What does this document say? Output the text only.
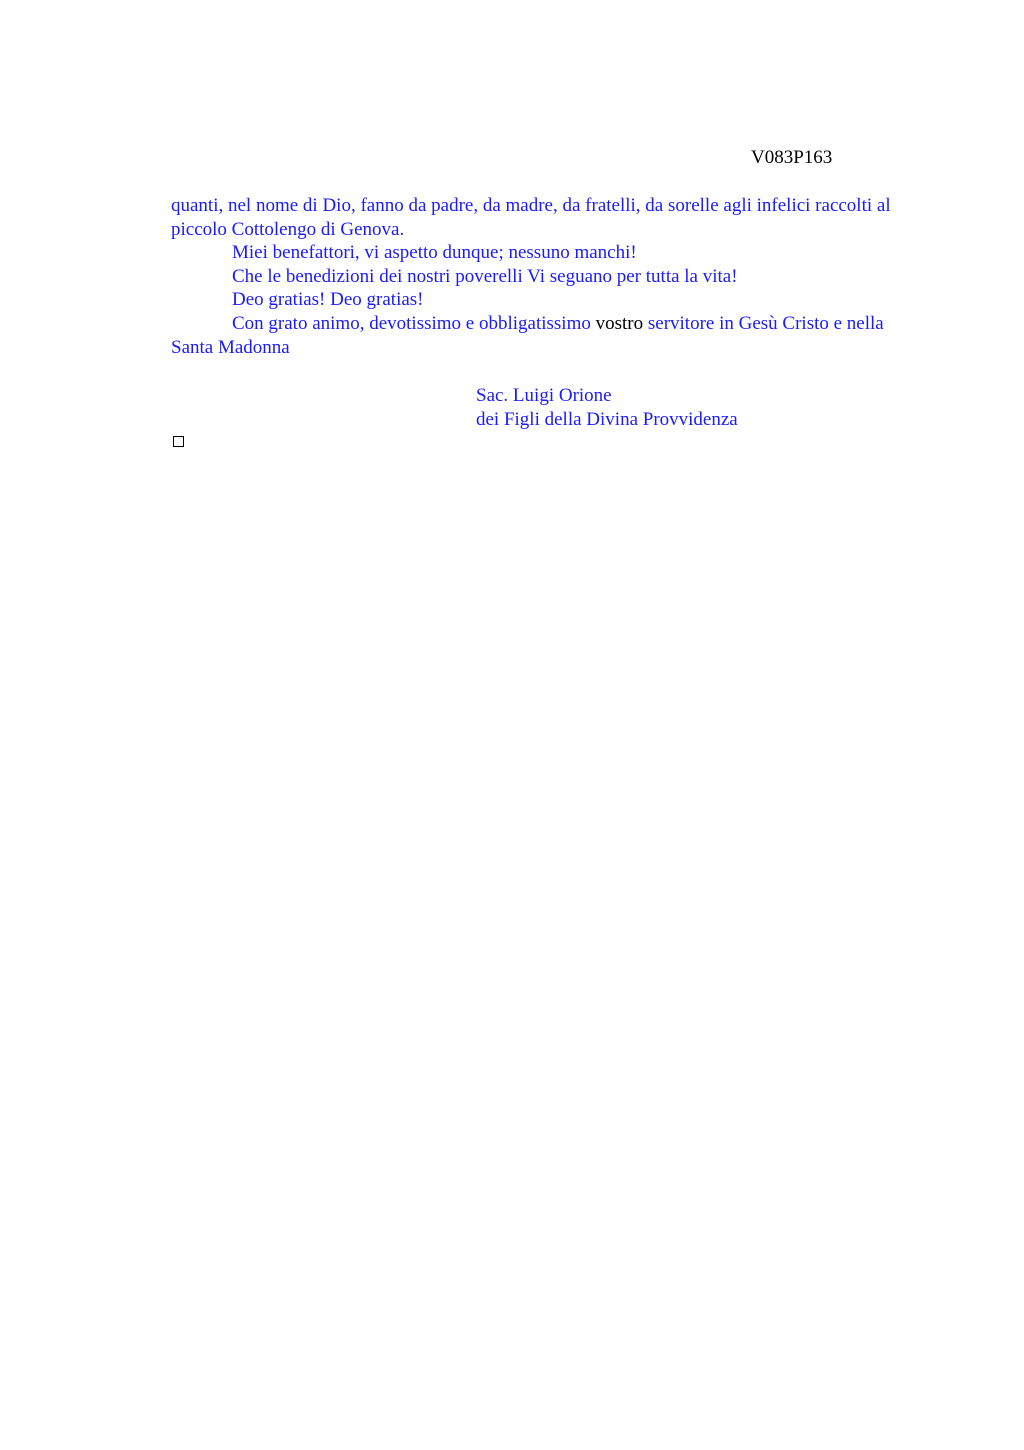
V083P163

quanti, nel nome di Dio, fanno da padre, da madre, da fratelli, da sorelle agli infelici raccolti al piccolo Cottolengo di Genova.

Miei benefattori, vi aspetto dunque; nessuno manchi!

Che le benedizioni dei nostri poverelli Vi seguano per tutta la vita!

Deo gratias! Deo gratias!

Con grato animo, devotissimo e obbligatissimo vostro servitore in Gesù Cristo e nella Santa Madonna

Sac. Luigi Orione
dei Figli della Divina Provvidenza
